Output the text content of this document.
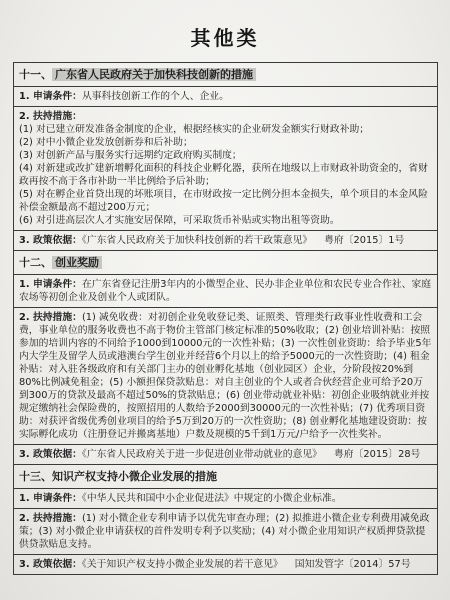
其他类
十一、 广东省人民政府关于加快科技创新的措施
1. 申请条件：从事科技创新工作的个人、企业。
2. 扶持措施：
(1) 对已建立研发准备金制度的企业，根据经核实的企业研发金额实行财政补助；
(2) 对中小微企业发放创新券和后补助；
(3) 对创新产品与服务实行远期约定政府购买制度；
(4) 对新建或改扩建新增孵化面积的科技企业孵化器，获所在地级以上市财政补助资金的，省财政再按不高于各市补助一半比例给予后补助；
(5) 对在孵企业首贷出现的坏账项目，在市财政按一定比例分担本金损失，单个项目的本金风险补偿金额最高不超过200万元；
(6) 对引进高层次人才实施安居保障，可采取货币补贴或实物出租等资助。
3. 政策依据：《广东省人民政府关于加快科技创新的若干政策意见》 粤府〔2015〕1号
十二、 创业奖励
1. 申请条件：在广东省登记注册3年内的小微型企业、民办非企业单位和农民专业合作社、家庭农场等初创企业及创业个人或团队。
2. 扶持措施：(1) 减免收费：对初创企业免收登记类、证照类、管理类行政事业性收费和工会费，事业单位的服务收费也不高于物价主管部门核定标准的50%收取；(2) 创业培训补贴：按照参加的培训内容的不同给予1000到10000元的一次性补贴；(3) 一次性创业资助：给予毕业5年内大学生及留学人员或港澳台学生创业并经营6个月以上的给予5000元的一次性资助；(4) 租金补贴：对入驻各级政府和有关部门主办的创业孵化基地（创业园区）企业，分阶段按20%到80%比例减免租金；(5) 小额担保贷款贴息：对自主创业的个人或者合伙经营企业可给予20万到300万的贷款及最高不超过50%的贷款贴息；(6) 创业带动就业补贴：初创企业吸纳就业并按规定缴纳社会保险费的，按照招用的人数给予2000到30000元的一次性补贴；(7) 优秀项目资助：对获评省级优秀创业项目的给予5万到20万的一次性资助；(8) 创业孵化基地建设资助：按实际孵化成功（注册登记并搬离基地）户数及规模的5千到1万元/户给予一次性奖补。
3. 政策依据：《广东省人民政府关于进一步促进创业带动就业的意见》 粤府〔2015〕28号
十三、知识产权支持小微企业发展的措施
1. 申请条件：《中华人民共和国中小企业促进法》中规定的小微企业标准。
2. 扶持措施：(1) 对小微企业专利申请予以优先审查办理；(2) 拟推进小微企业专利费用减免政策；(3) 对小微企业申请获权的首件发明专利予以奖励；(4) 对小微企业用知识产权质押贷款提供贷款贴息支持。
3. 政策依据：《关于知识产权支持小微企业发展的若干意见》 国知发管字〔2014〕57号
